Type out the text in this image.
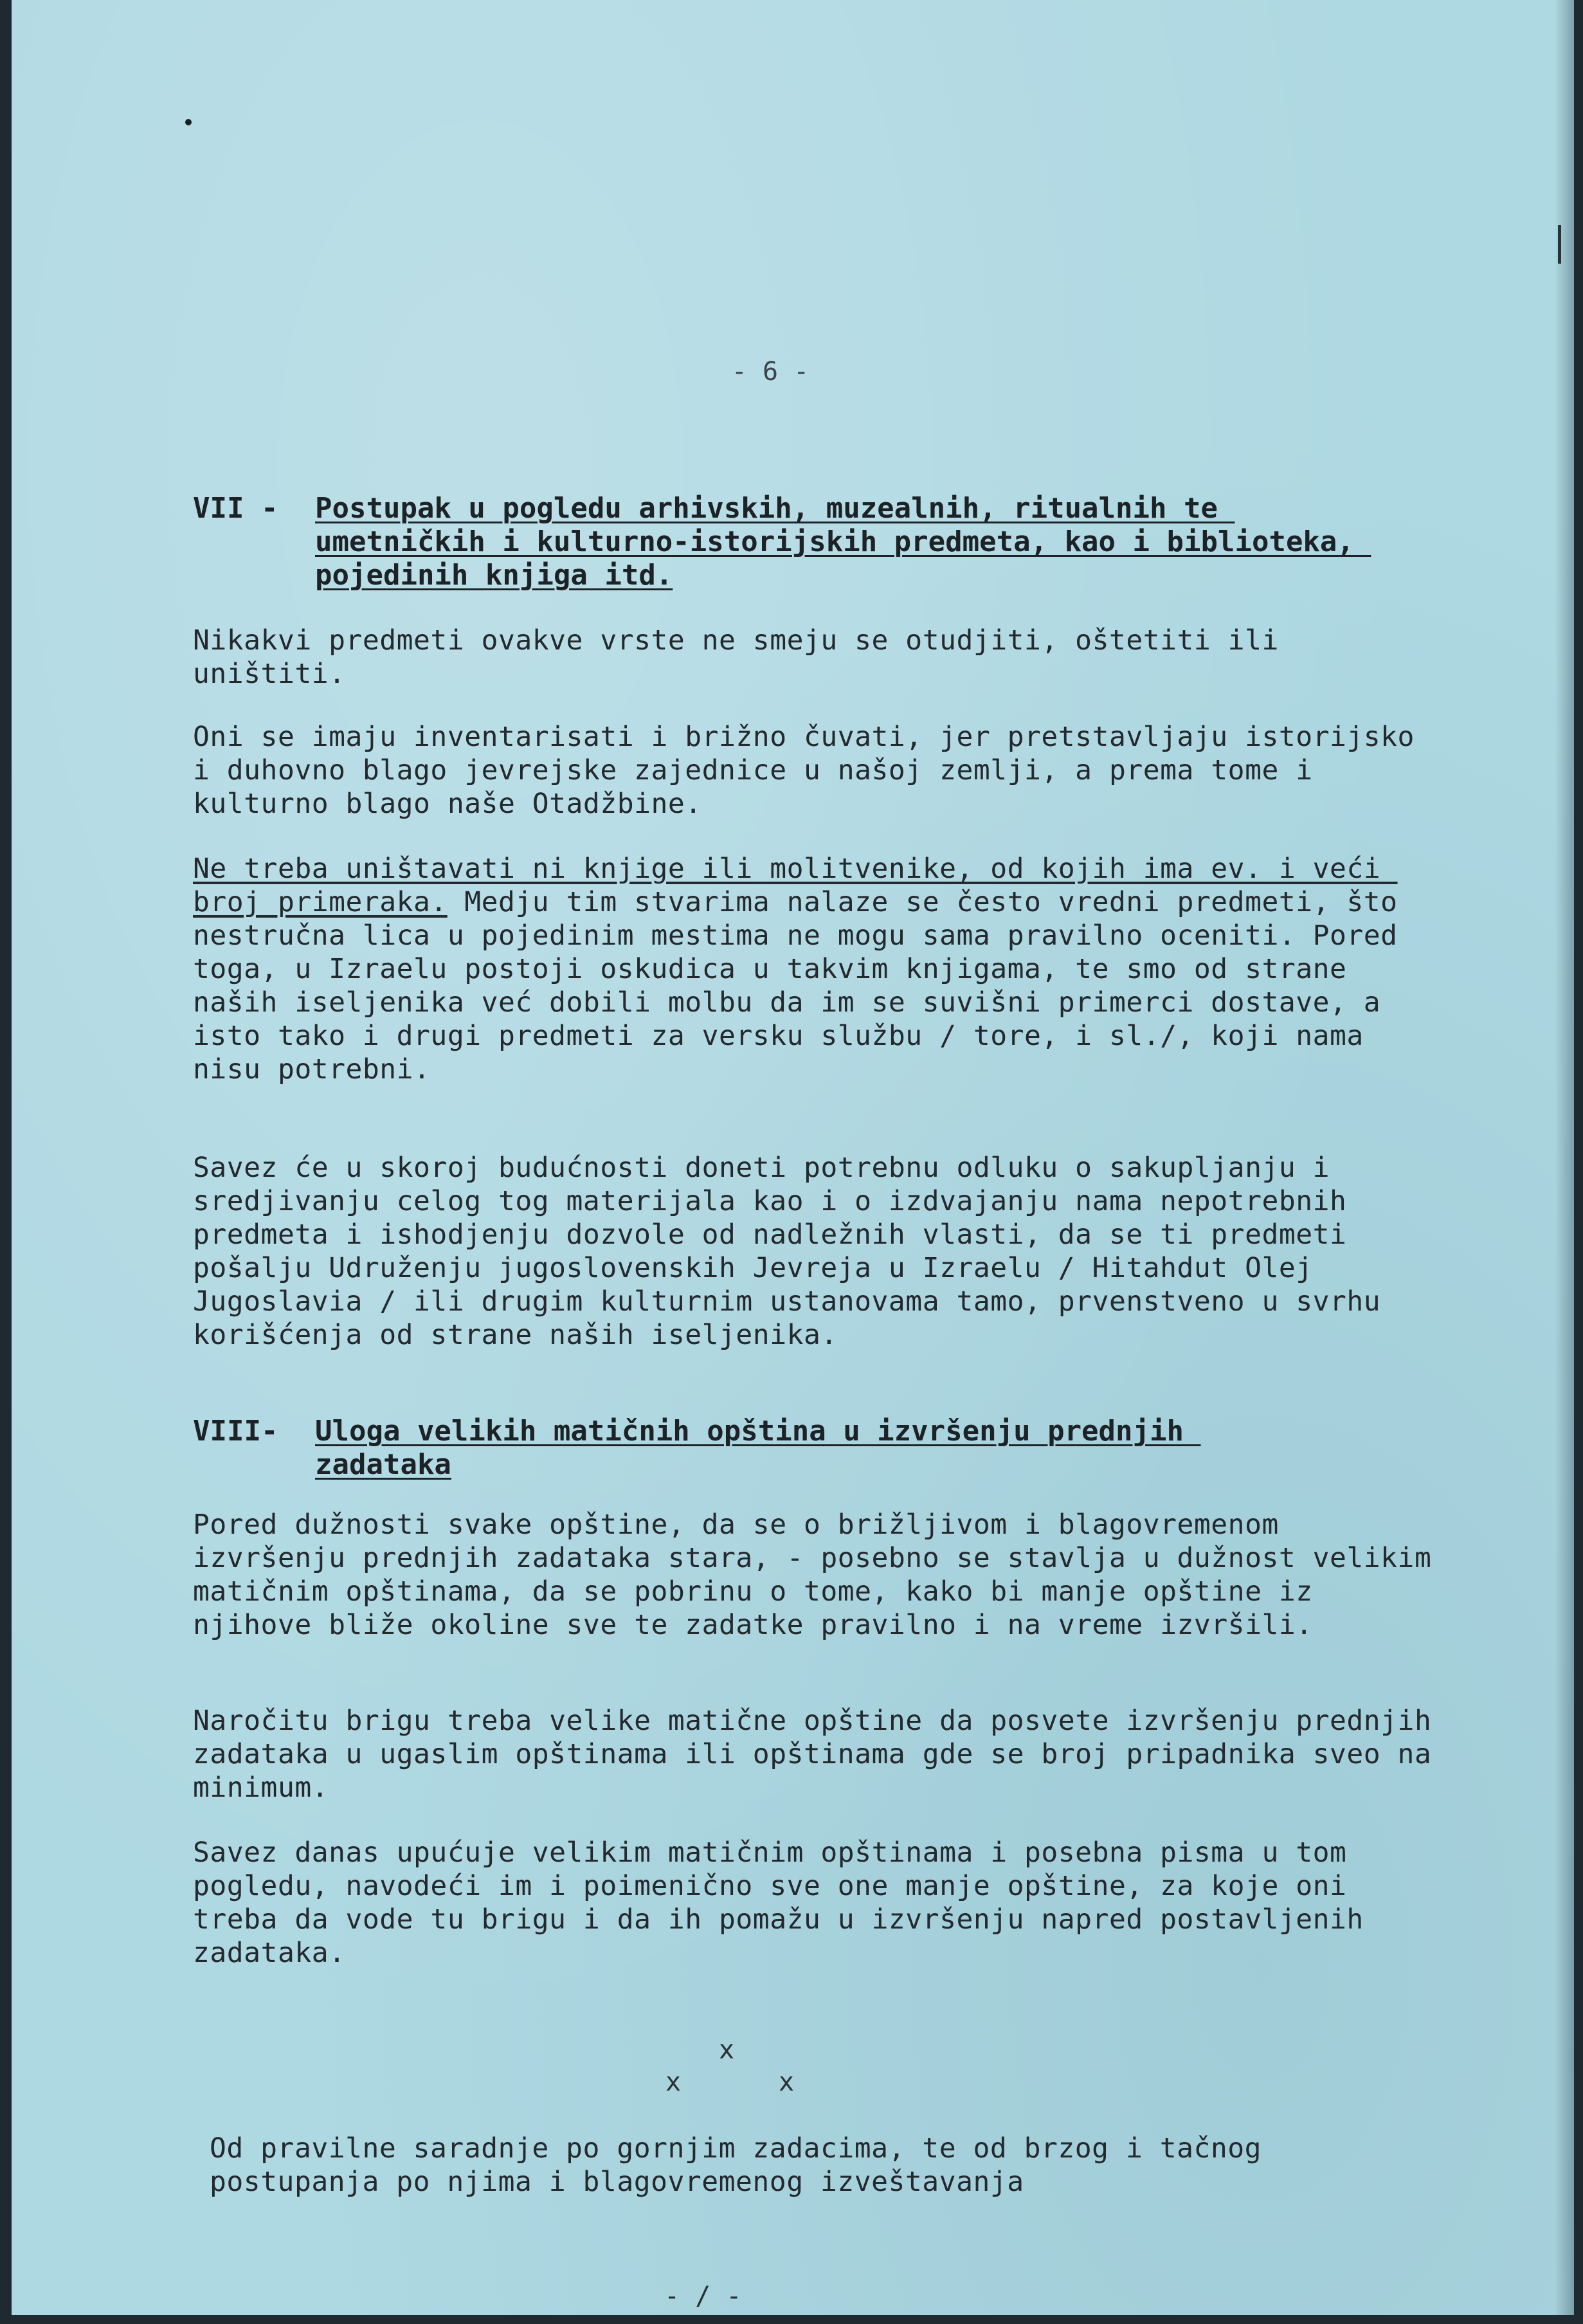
- 6 -
VII - Postupak u pogledu arhivskih, muzealnih, ritualnih te umetničkih i kulturno-istorijskih predmeta, kao i biblioteka, pojedinih knjiga itd.
Nikakvi predmeti ovakve vrste ne smeju se otudjiti, oštetiti ili uništiti.
Oni se imaju inventarisati i brižno čuvati, jer pretstavljaju istorijsko i duhovno blago jevrejske zajednice u našoj zemlji, a prema tome i kulturno blago naše Otadžbine.
Ne treba uništavati ni knjige ili molitvenike, od kojih ima ev. i veći broj primeraka. Medju tim stvarima nalaze se često vredni predmeti, što nestručna lica u pojedinim mestima ne mogu sama pravilno oceniti. Pored toga, u Izraelu postoji oskudica u takvim knjigama, te smo od strane naših iseljenika već dobili molbu da im se suvišni primerci dostave, a isto tako i drugi predmeti za versku službu / tore, i sl./, koji nama nisu potrebni.
Savez će u skoroj budućnosti doneti potrebnu odluku o sakupljanju i sredjivanju celog tog materijala kao i o izdvajanju nama nepotrebnih predmeta i ishodjenju dozvole od nadležnih vlasti, da se ti predmeti pošalju Udruženju jugoslovenskih Jevreja u Izraelu / Hitahdut Olej Jugoslavia / ili drugim kulturnim ustanovama tamo, prvenstveno u svrhu korišćenja od strane naših iseljenika.
VIII- Uloga velikih matičnih opština u izvršenju prednjih zadataka
Pored dužnosti svake opštine, da se o brižljivom i blagovremenom izvršenju prednjih zadataka stara, - posebno se stavlja u dužnost velikim matičnim opštinama, da se pobrinu o tome, kako bi manje opštine iz njihove bliže okoline sve te zadatke pravilno i na vreme izvršili.
Naročitu brigu treba velike matične opštine da posvete izvršenju prednjih zadataka u ugaslim opštinama ili opštinama gde se broj pripadnika sveo na minimum.
Savez danas upućuje velikim matičnim opštinama i posebna pisma u tom pogledu, navodeći im i poimenično sve one manje opštine, za koje oni treba da vode tu brigu i da ih pomažu u izvršenju napred postavljenih zadataka.
x
x	x
Od pravilne saradnje po gornjim zadacima, te od brzog i tačnog postupanja po njima i blagovremenog izveštavanja
- / -
